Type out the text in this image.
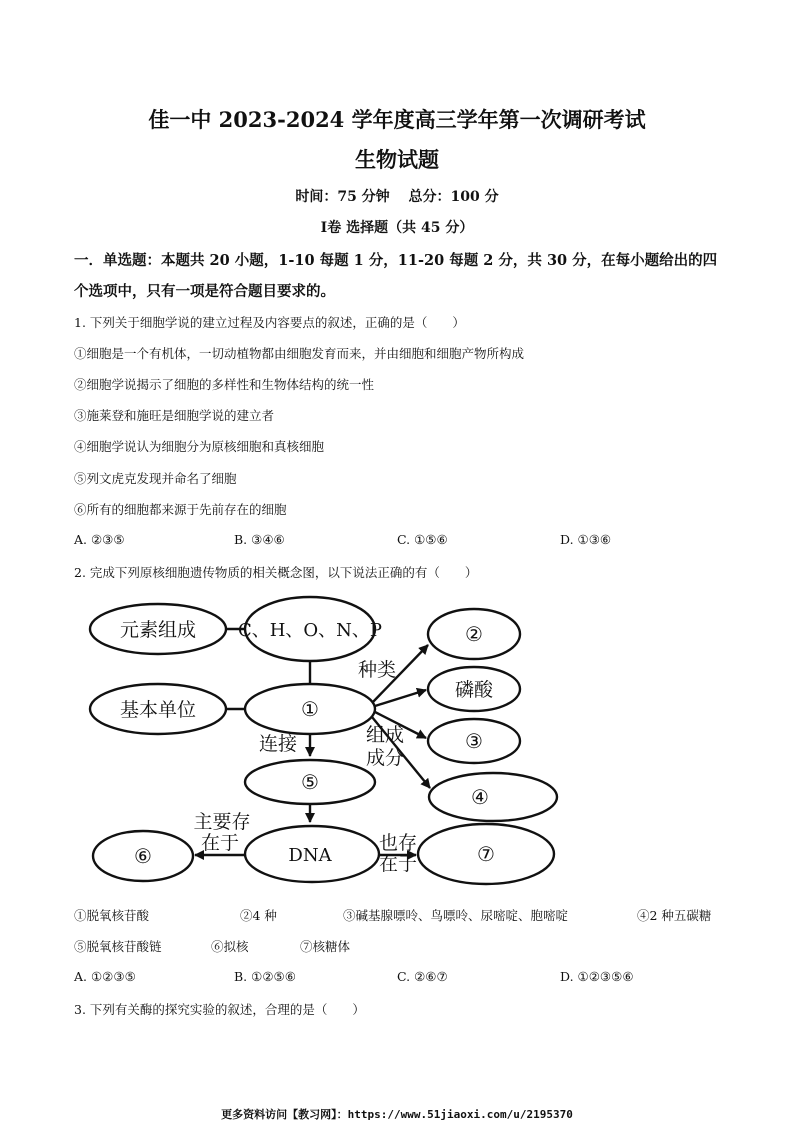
佳一中 2023-2024 学年度高三学年第一次调研考试
生物试题
时间：75 分钟　 总分：100 分
Ⅰ卷 选择题（共 45 分）
一．单选题：本题共 20 小题，1-10 每题 1 分，11-20 每题 2 分，共 30 分，在每小题给出的四
个选项中，只有一项是符合题目要求的。
1. 下列关于细胞学说的建立过程及内容要点的叙述，正确的是（　　）
①细胞是一个有机体，一切动植物都由细胞发育而来，并由细胞和细胞产物所构成
②细胞学说揭示了细胞的多样性和生物体结构的统一性
③施莱登和施旺是细胞学说的建立者
④细胞学说认为细胞分为原核细胞和真核细胞
⑤列文虎克发现并命名了细胞
⑥所有的细胞都来源于先前存在的细胞
A. ②③⑤	B. ③④⑥	C. ①⑤⑥	D. ①③⑥
2. 完成下列原核细胞遗传物质的相关概念图，以下说法正确的有（　　）
元素组成 C、H、O、N、P	②
基本单位	①
磷酸
③
⑤
④
⑥	DNA	⑦
种类
连接	组成
成分
主要存
在于	也存
在于
①脱氧核苷酸	②4 种	③碱基腺嘌呤、鸟嘌呤、尿嘧啶、胞嘧啶	④2 种五碳糖
⑤脱氧核苷酸链	⑥拟核	⑦核糖体
A. ①②③⑤	B. ①②⑤⑥	C. ②⑥⑦	D. ①②③⑤⑥
3. 下列有关酶的探究实验的叙述，合理的是（　　）
更多资料访问【教习网】：https://www.51jiaoxi.com/u/2195370
